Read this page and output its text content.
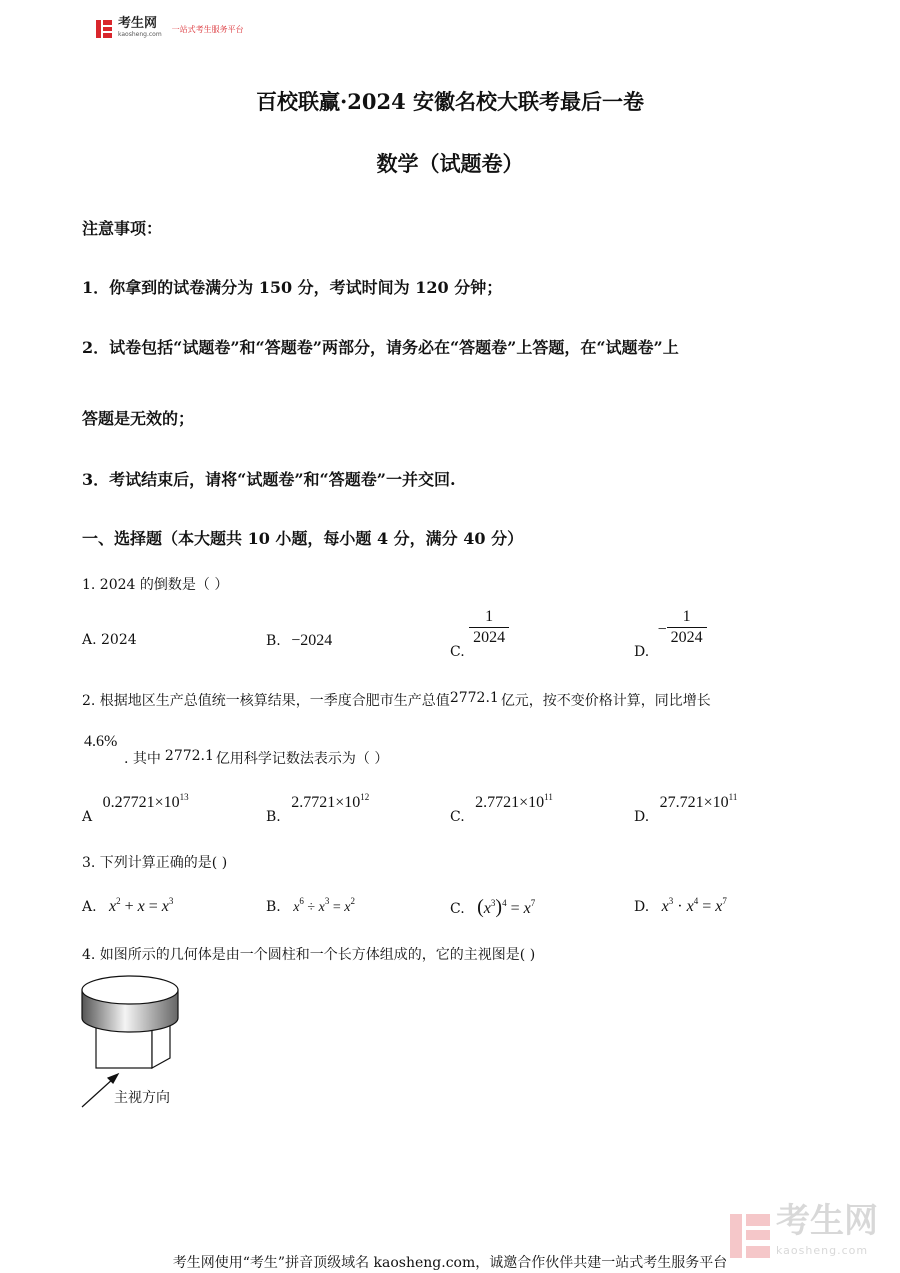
考生网
kaosheng.com
一站式考生服务平台
百校联赢·2024 安徽名校大联考最后一卷
数学（试题卷）
注意事项：
1．你拿到的试卷满分为 150 分，考试时间为 120 分钟；
2．试卷包括“试题卷”和“答题卷”两部分，请务必在“答题卷”上答题，在“试题卷”上
答题是无效的；
3．考试结束后，请将“试题卷”和“答题卷”一并交回.
一、选择题（本大题共 10 小题，每小题 4 分，满分 40 分）
1. 2024 的倒数是（ ）
A. 2024	B. −2024
C.
$\frac{1}{2024}$
D. − $\frac{1}{2024}$
2. 根据地区生产总值统一核算结果，一季度合肥市生产总值2772.1 亿元，按不变价格计算，同比增长
4.6%
. 其中 2772.1 亿用科学记数法表示为（ ）
A $0.27721\times 10^{13}$
B. $2.7721\times 10^{12}$
C. $2.7721\times 10^{11}$
D. $27.721\times 10^{11}$
3. 下列计算正确的是( )
A. $x^2 + x = x^3$	B. $x^6 \div x^3 = x^2$	C. $(x^3)^4 = x^7$	D. $x^3 \cdot x^4 = x^7$
4. 如图所示的几何体是由一个圆柱和一个长方体组成的，它的主视图是( )
主视方向
考生网
kaosheng.com
考生网使用“考生”拼音顶级域名 kaosheng.com，诚邀合作伙伴共建一站式考生服务平台
